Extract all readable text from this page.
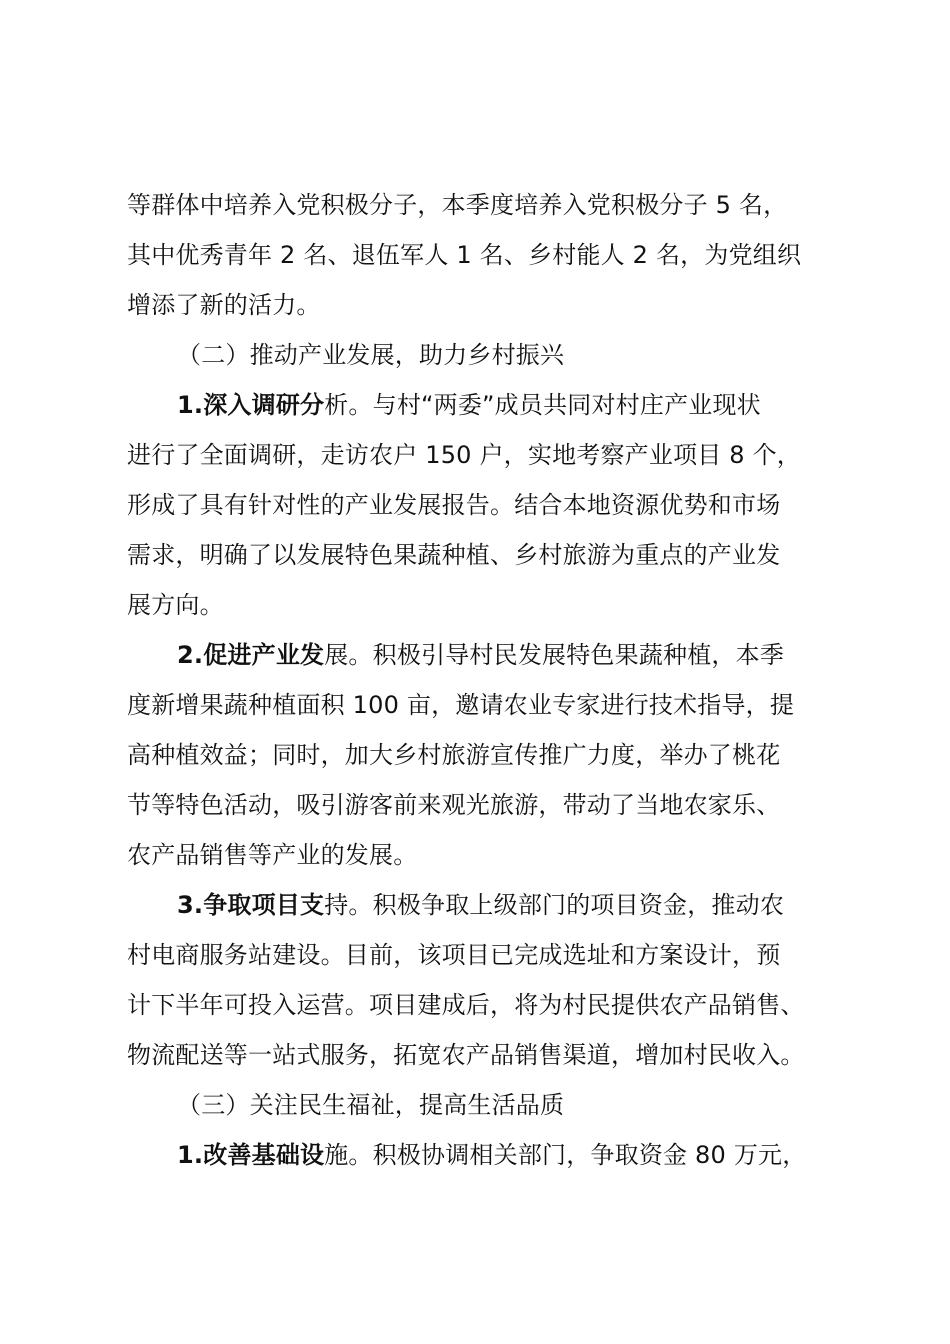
等群体中培养入党积极分子，本季度培养入党积极分子 5 名，
其中优秀青年 2 名、退伍军人 1 名、乡村能人 2 名，为党组织
增添了新的活力。
（二）推动产业发展，助力乡村振兴
1.深入调研分析。与村“两委”成员共同对村庄产业现状
进行了全面调研，走访农户 150 户，实地考察产业项目 8 个，
形成了具有针对性的产业发展报告。结合本地资源优势和市场
需求，明确了以发展特色果蔬种植、乡村旅游为重点的产业发
展方向。
2.促进产业发展。积极引导村民发展特色果蔬种植，本季
度新增果蔬种植面积 100 亩，邀请农业专家进行技术指导，提
高种植效益；同时，加大乡村旅游宣传推广力度，举办了桃花
节等特色活动，吸引游客前来观光旅游，带动了当地农家乐、
农产品销售等产业的发展。
3.争取项目支持。积极争取上级部门的项目资金，推动农
村电商服务站建设。目前，该项目已完成选址和方案设计，预
计下半年可投入运营。项目建成后，将为村民提供农产品销售、
物流配送等一站式服务，拓宽农产品销售渠道，增加村民收入。
（三）关注民生福祉，提高生活品质
1.改善基础设施。积极协调相关部门，争取资金 80 万元，
